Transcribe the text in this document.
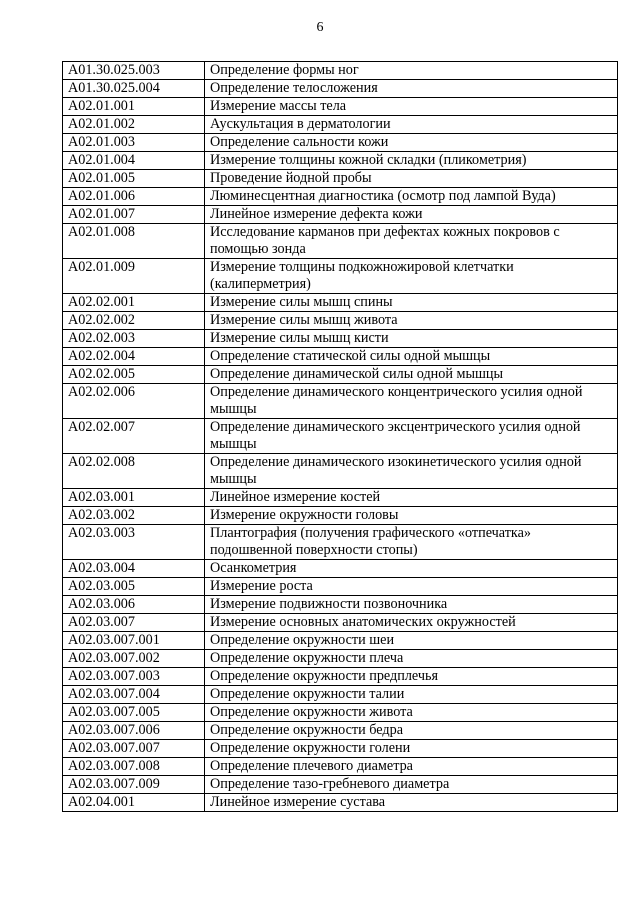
6
A01.30.025.003	Определение формы ног
A01.30.025.004	Определение телосложения
A02.01.001	Измерение массы тела
A02.01.002	Аускультация в дерматологии
A02.01.003	Определение сальности кожи
A02.01.004	Измерение толщины кожной складки (пликометрия)
A02.01.005	Проведение йодной пробы
A02.01.006	Люминесцентная диагностика (осмотр под лампой Вуда)
A02.01.007	Линейное измерение дефекта кожи
A02.01.008	Исследование карманов при дефектах кожных покровов с помощью зонда
A02.01.009	Измерение толщины подкожножировой клетчатки (калиперметрия)
A02.02.001	Измерение силы мышц спины
A02.02.002	Измерение силы мышц живота
A02.02.003	Измерение силы мышц кисти
A02.02.004	Определение статической силы одной мышцы
A02.02.005	Определение динамической силы одной мышцы
A02.02.006	Определение динамического концентрического усилия одной мышцы
A02.02.007	Определение динамического эксцентрического усилия одной мышцы
A02.02.008	Определение динамического изокинетического усилия одной мышцы
A02.03.001	Линейное измерение костей
A02.03.002	Измерение окружности головы
A02.03.003	Плантография (получения графического «отпечатка» подошвенной поверхности стопы)
A02.03.004	Осанкометрия
A02.03.005	Измерение роста
A02.03.006	Измерение подвижности позвоночника
A02.03.007	Измерение основных анатомических окружностей
A02.03.007.001	Определение окружности шеи
A02.03.007.002	Определение окружности плеча
A02.03.007.003	Определение окружности предплечья
A02.03.007.004	Определение окружности талии
A02.03.007.005	Определение окружности живота
A02.03.007.006	Определение окружности бедра
A02.03.007.007	Определение окружности голени
A02.03.007.008	Определение плечевого диаметра
A02.03.007.009	Определение тазо-гребневого диаметра
A02.04.001	Линейное измерение сустава
